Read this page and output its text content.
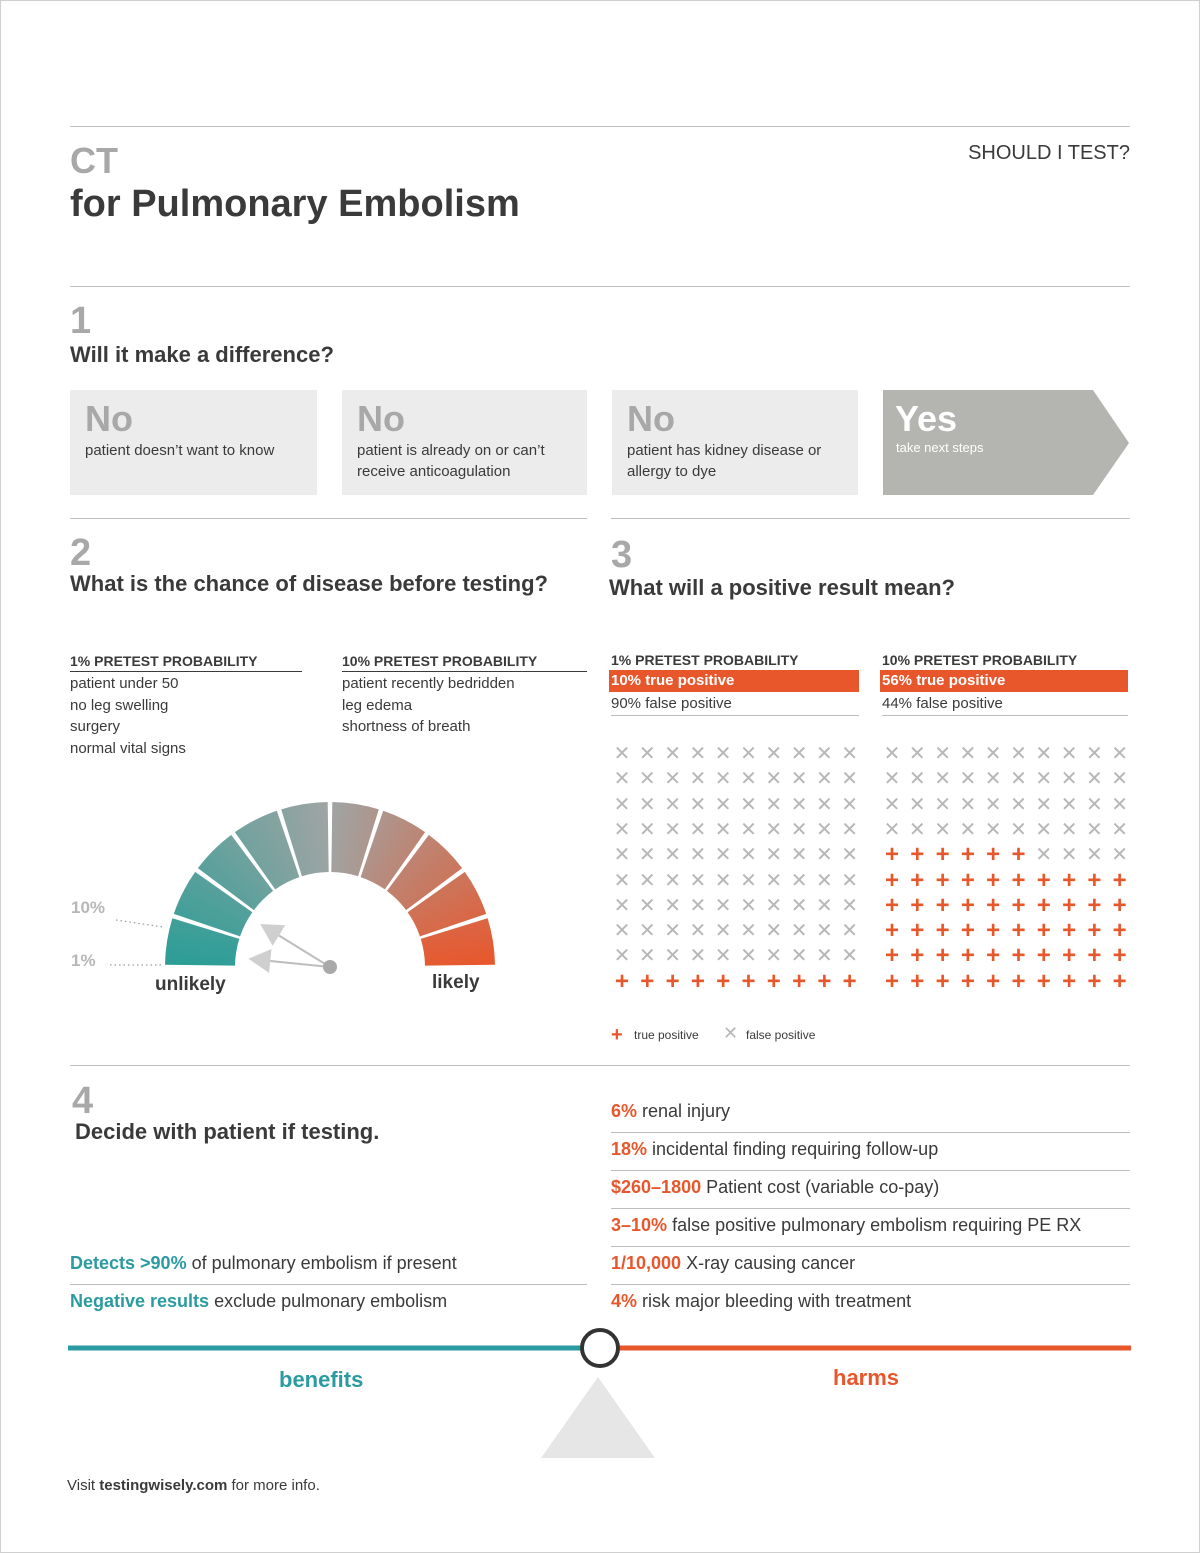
CT
for Pulmonary Embolism
SHOULD I TEST?
1
Will it make a difference?
No
patient doesn’t want to know
No
patient is already on or can’t receive anticoagulation
No
patient has kidney disease or allergy to dye
Yes
take next steps
2
What is the chance of disease before testing?
1% PRETEST PROBABILITY
patient under 50
no leg swelling
surgery
normal vital signs
10% PRETEST PROBABILITY
patient recently bedridden
leg edema
shortness of breath
10%
1%
unlikely	likely
3
What will a positive result mean?
1% PRETEST PROBABILITY
10% true positive
90% false positive
10% PRETEST PROBABILITY
56% true positive
44% false positive
✕ ✕ ✕ ✕ ✕ ✕ ✕ ✕ ✕ ✕
✕ ✕ ✕ ✕ ✕ ✕ ✕ ✕ ✕ ✕
✕ ✕ ✕ ✕ ✕ ✕ ✕ ✕ ✕ ✕
✕ ✕ ✕ ✕ ✕ ✕ ✕ ✕ ✕ ✕
✕ ✕ ✕ ✕ ✕ ✕ ✕ ✕ ✕ ✕
✕ ✕ ✕ ✕ ✕ ✕ ✕ ✕ ✕ ✕
✕ ✕ ✕ ✕ ✕ ✕ ✕ ✕ ✕ ✕
✕ ✕ ✕ ✕ ✕ ✕ ✕ ✕ ✕ ✕
✕ ✕ ✕ ✕ ✕ ✕ ✕ ✕ ✕ ✕
+ + + + + + + + + +
✕ ✕ ✕ ✕ ✕ ✕ ✕ ✕ ✕ ✕
✕ ✕ ✕ ✕ ✕ ✕ ✕ ✕ ✕ ✕
✕ ✕ ✕ ✕ ✕ ✕ ✕ ✕ ✕ ✕
✕ ✕ ✕ ✕ ✕ ✕ ✕ ✕ ✕ ✕
+ + + + + + ✕ ✕ ✕ ✕
+ + + + + + + + + +
+ + + + + + + + + +
+ + + + + + + + + +
+ + + + + + + + + +
+ + + + + + + + + +
+ true positive ✕ false positive
4
Decide with patient if testing.
6% renal injury
18% incidental finding requiring follow-up
$260–1800 Patient cost (variable co-pay)
3–10% false positive pulmonary embolism requiring PE RX
1/10,000 X-ray causing cancer
4% risk major bleeding with treatment
Detects >90% of pulmonary embolism if present
Negative results exclude pulmonary embolism
benefits	harms
Visit testingwisely.com for more info.
